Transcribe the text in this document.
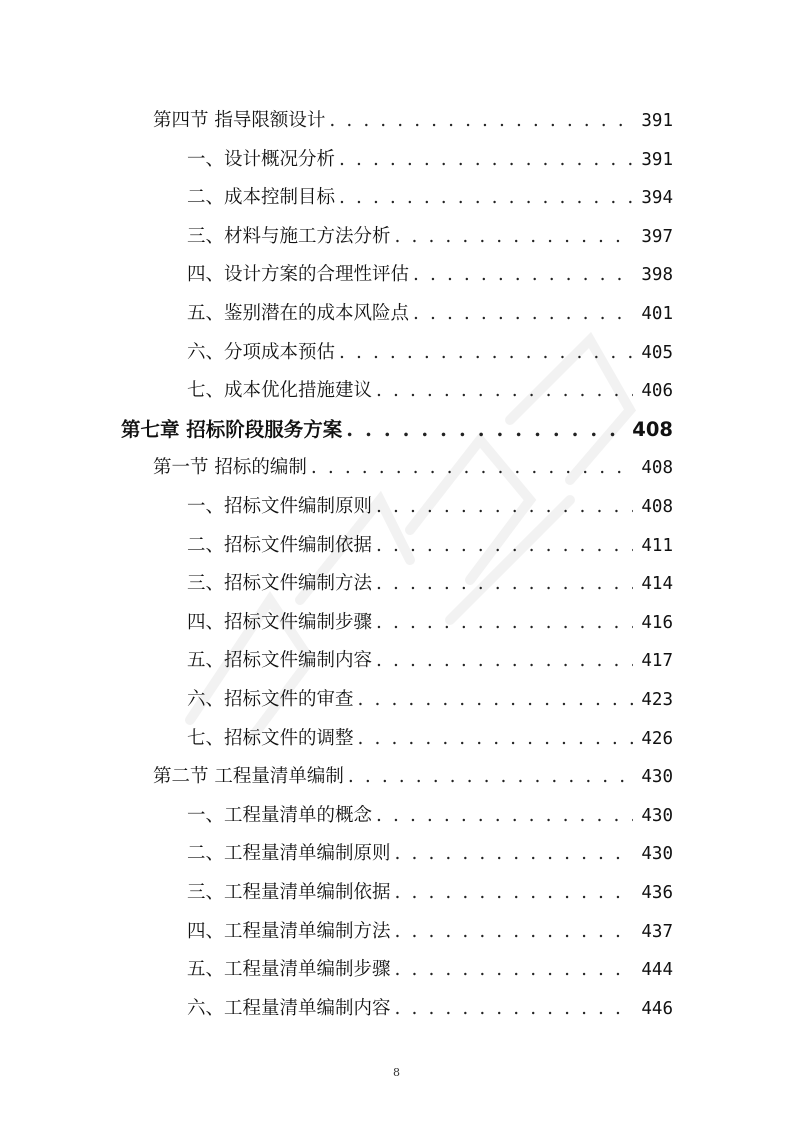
第四节 指导限额设计 . . .	391
一、设计概况分析 . . .	391
二、成本控制目标 . . .	394
三、材料与施工方法分析 . . .	397
四、设计方案的合理性评估 . . .	398
五、鉴别潜在的成本风险点 . . .	401
六、分项成本预估 . . .	405
七、成本优化措施建议 . . .	406
第七章 招标阶段服务方案 . . .	408
第一节 招标的编制 . . .	408
一、招标文件编制原则 . . .	408
二、招标文件编制依据 . . .	411
三、招标文件编制方法 . . .	414
四、招标文件编制步骤 . . .	416
五、招标文件编制内容 . . .	417
六、招标文件的审查 . . .	423
七、招标文件的调整 . . .	426
第二节 工程量清单编制 . . .	430
一、工程量清单的概念 . . .	430
二、工程量清单编制原则 . . .	430
三、工程量清单编制依据 . . .	436
四、工程量清单编制方法 . . .	437
五、工程量清单编制步骤 . . .	444
六、工程量清单编制内容 . . .	446
8
